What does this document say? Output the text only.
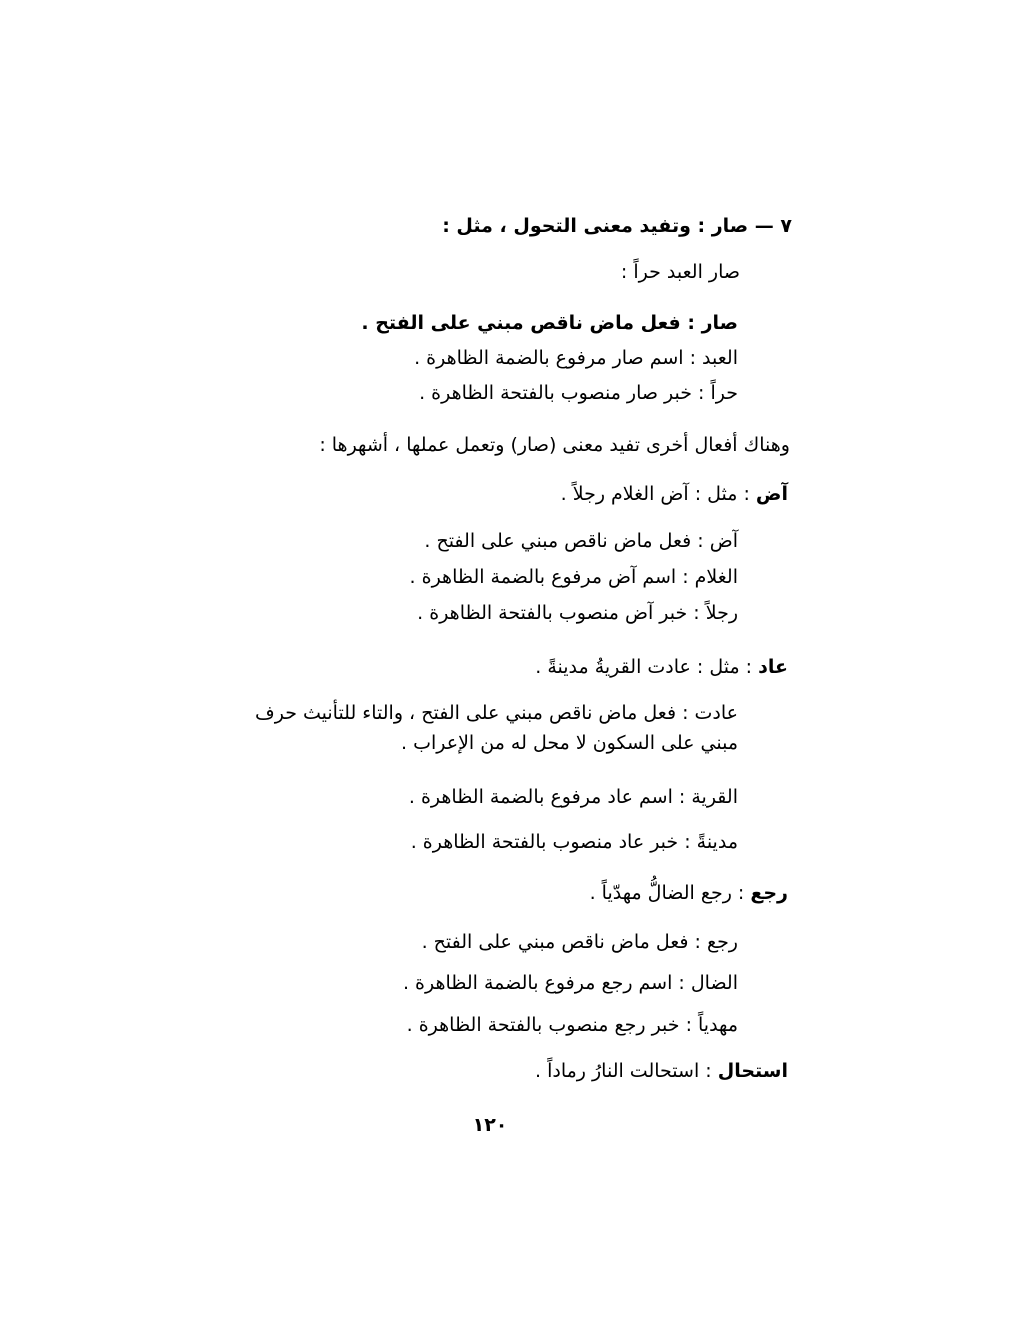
٧ — صار : وتفيد معنى التحول ، مثل :
صار العبد حراً :
صار : فعل ماض ناقص مبني على الفتح .
العبد : اسم صار مرفوع بالضمة الظاهرة .
حراً : خبر صار منصوب بالفتحة الظاهرة .
وهناك أفعال أخرى تفيد معنى (صار) وتعمل عملها ، أشهرها :
آض : مثل : آض الغلام رجلاً .
آض : فعل ماض ناقص مبني على الفتح .
الغلام : اسم آض مرفوع بالضمة الظاهرة .
رجلاً : خبر آض منصوب بالفتحة الظاهرة .
عاد : مثل : عادت القريةُ مدينةً .
عادت : فعل ماض ناقص مبني على الفتح ، والتاء للتأنيث حرف
مبني على السكون لا محل له من الإعراب .
القرية : اسم عاد مرفوع بالضمة الظاهرة .
مدينةً : خبر عاد منصوب بالفتحة الظاهرة .
رجع : رجع الضالُّ مهدّياً .
رجع : فعل ماض ناقص مبني على الفتح .
الضال : اسم رجع مرفوع بالضمة الظاهرة .
مهدياً : خبر رجع منصوب بالفتحة الظاهرة .
استحال : استحالت النارُ رماداً .
١٢٠
